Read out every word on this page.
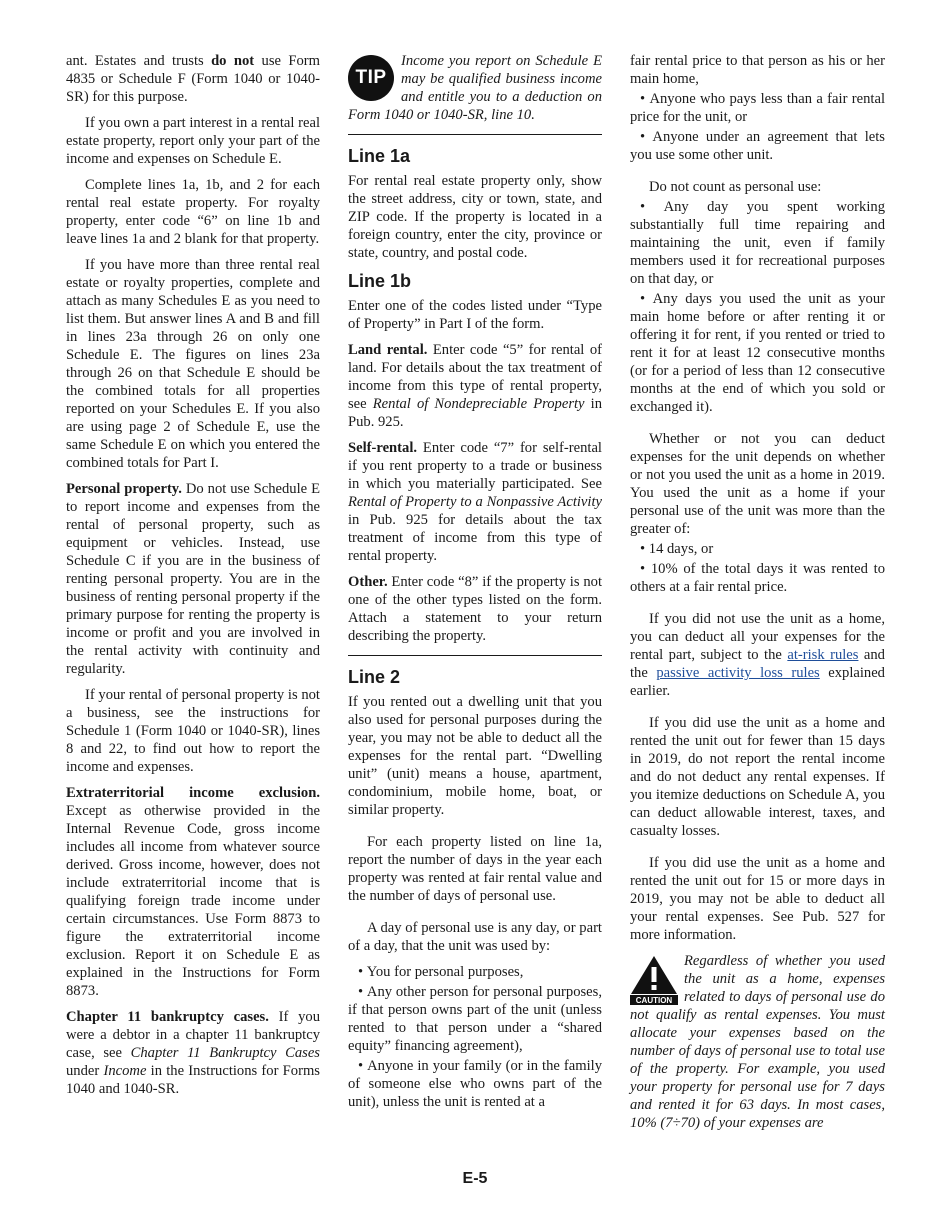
ant. Estates and trusts do not use Form 4835 or Schedule F (Form 1040 or 1040-SR) for this purpose.

If you own a part interest in a rental real estate property, report only your part of the income and expenses on Schedule E.

Complete lines 1a, 1b, and 2 for each rental real estate property. For royalty property, enter code “6” on line 1b and leave lines 1a and 2 blank for that property.

If you have more than three rental real estate or royalty properties, complete and attach as many Schedules E as you need to list them. But answer lines A and B and fill in lines 23a through 26 on only one Schedule E. The figures on lines 23a through 26 on that Schedule E should be the combined totals for all properties reported on your Schedules E. If you also are using page 2 of Schedule E, use the same Schedule E on which you entered the combined totals for Part I.

Personal property. Do not use Schedule E to report income and expenses from the rental of personal property, such as equipment or vehicles. Instead, use Schedule C if you are in the business of renting personal property. You are in the business of renting personal property if the primary purpose for renting the property is income or profit and you are involved in the rental activity with continuity and regularity.

If your rental of personal property is not a business, see the instructions for Schedule 1 (Form 1040 or 1040-SR), lines 8 and 22, to find out how to report the income and expenses.

Extraterritorial income exclusion. Except as otherwise provided in the Internal Revenue Code, gross income includes all income from whatever source derived. Gross income, however, does not include extraterritorial income that is qualifying foreign trade income under certain circumstances. Use Form 8873 to figure the extraterritorial income exclusion. Report it on Schedule E as explained in the Instructions for Form 8873.

Chapter 11 bankruptcy cases. If you were a debtor in a chapter 11 bankruptcy case, see Chapter 11 Bankruptcy Cases under Income in the Instructions for Forms 1040 and 1040-SR.

TIP

Income you report on Schedule E may be qualified business income and entitle you to a deduction on Form 1040 or 1040-SR, line 10.

Line 1a

For rental real estate property only, show the street address, city or town, state, and ZIP code. If the property is located in a foreign country, enter the city, province or state, country, and postal code.

Line 1b

Enter one of the codes listed under “Type of Property” in Part I of the form.

Land rental. Enter code “5” for rental of land. For details about the tax treatment of income from this type of rental property, see Rental of Nondepreciable Property in Pub. 925.

Self-rental. Enter code “7” for self-rental if you rent property to a trade or business in which you materially participated. See Rental of Property to a Nonpassive Activity in Pub. 925 for details about the tax treatment of income from this type of rental property.

Other. Enter code “8” if the property is not one of the other types listed on the form. Attach a statement to your return describing the property.

Line 2

If you rented out a dwelling unit that you also used for personal purposes during the year, you may not be able to deduct all the expenses for the rental part. “Dwelling unit” (unit) means a house, apartment, condominium, mobile home, boat, or similar property.

For each property listed on line 1a, report the number of days in the year each property was rented at fair rental value and the number of days of personal use.

A day of personal use is any day, or part of a day, that the unit was used by:

• You for personal purposes,

• Any other person for personal purposes, if that person owns part of the unit (unless rented to that person under a “shared equity” financing agreement),

• Anyone in your family (or in the family of someone else who owns part of the unit), unless the unit is rented at a

fair rental price to that person as his or her main home,

• Anyone who pays less than a fair rental price for the unit, or

• Anyone under an agreement that lets you use some other unit.

Do not count as personal use:

• Any day you spent working substantially full time repairing and maintaining the unit, even if family members used it for recreational purposes on that day, or

• Any days you used the unit as your main home before or after renting it or offering it for rent, if you rented or tried to rent it for at least 12 consecutive months (or for a period of less than 12 consecutive months at the end of which you sold or exchanged it).

Whether or not you can deduct expenses for the unit depends on whether or not you used the unit as a home in 2019. You used the unit as a home if your personal use of the unit was more than the greater of:

• 14 days, or

• 10% of the total days it was rented to others at a fair rental price.

If you did not use the unit as a home, you can deduct all your expenses for the rental part, subject to the at-risk rules and the passive activity loss rules explained earlier.

If you did use the unit as a home and rented the unit out for fewer than 15 days in 2019, do not report the rental income and do not deduct any rental expenses. If you itemize deductions on Schedule A, you can deduct allowable interest, taxes, and casualty losses.

If you did use the unit as a home and rented the unit out for 15 or more days in 2019, you may not be able to deduct all your rental expenses. See Pub. 527 for more information.

CAUTION

Regardless of whether you used the unit as a home, expenses related to days of personal use do not qualify as rental expenses. You must allocate your expenses based on the number of days of personal use to total use of the property. For example, you used your property for personal use for 7 days and rented it for 63 days. In most cases, 10% (7÷70) of your expenses are

E-5
